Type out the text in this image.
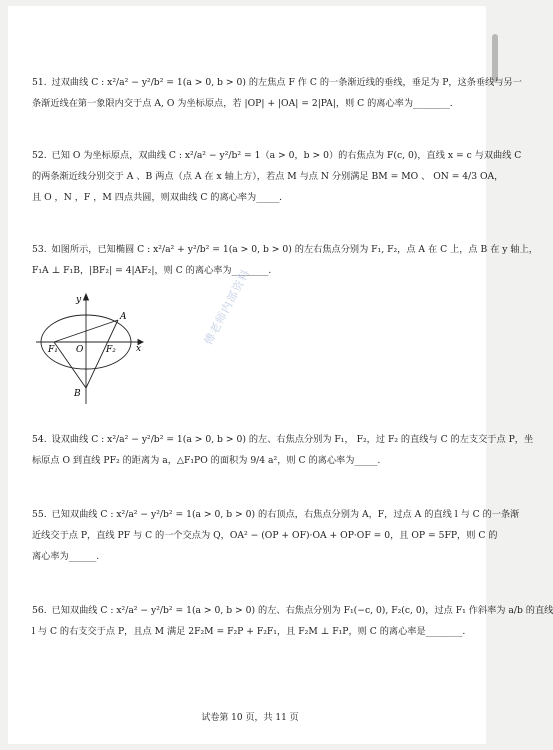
51. 过双曲线 C : x²/a² − y²/b² = 1(a > 0, b > 0) 的左焦点 F 作 C 的一条渐近线的垂线，垂足为 P，这条垂线与另一
条渐近线在第一象限内交于点 A, O 为坐标原点，若 |OP| + |OA| = 2|PA|，则 C 的离心率为________.
52. 已知 O 为坐标原点，双曲线 C : x²/a² − y²/b² = 1（a > 0，b > 0）的右焦点为 F(c, 0)，直线 x = c 与双曲线 C
的两条渐近线分别交于 A 、B 两点（点 A 在 x 轴上方），若点 M 与点 N 分别满足 BM = MO 、 ON = 4/3 OA，
且 O ，N ，F ，M 四点共圆，则双曲线 C 的离心率为_____.
53. 如图所示，已知椭圆 C : x²/a² + y²/b² = 1(a > 0, b > 0) 的左右焦点分别为 F₁, F₂，点 A 在 C 上，点 B 在 y 轴上，
F₁A ⊥ F₁B，|BF₂| = 4|AF₂|，则 C 的离心率为________.
y
x
A
B
O
F₁	F₂
傅老师内部资料
54. 设双曲线 C : x²/a² − y²/b² = 1(a > 0, b > 0) 的左、右焦点分别为 F₁， F₂，过 F₂ 的直线与 C 的左支交于点 P，坐
标原点 O 到直线 PF₂ 的距离为 a，△F₁PO 的面积为 9/4 a²，则 C 的离心率为_____.
55. 已知双曲线 C : x²/a² − y²/b² = 1(a > 0, b > 0) 的右顶点，右焦点分别为 A，F，过点 A 的直线 l 与 C 的一条渐
近线交于点 P，直线 PF 与 C 的一个交点为 Q，OA² − (OP + OF)·OA + OP·OF = 0，且 OP = 5FP，则 C 的
离心率为______.
56. 已知双曲线 C : x²/a² − y²/b² = 1(a > 0, b > 0) 的左、右焦点分别为 F₁(−c, 0), F₂(c, 0)，过点 F₁ 作斜率为 a/b 的直线
l 与 C 的右支交于点 P，且点 M 满足 2F₂M = F₂P + F₂F₁，且 F₂M ⊥ F₁P，则 C 的离心率是________.
试卷第 10 页，共 11 页
